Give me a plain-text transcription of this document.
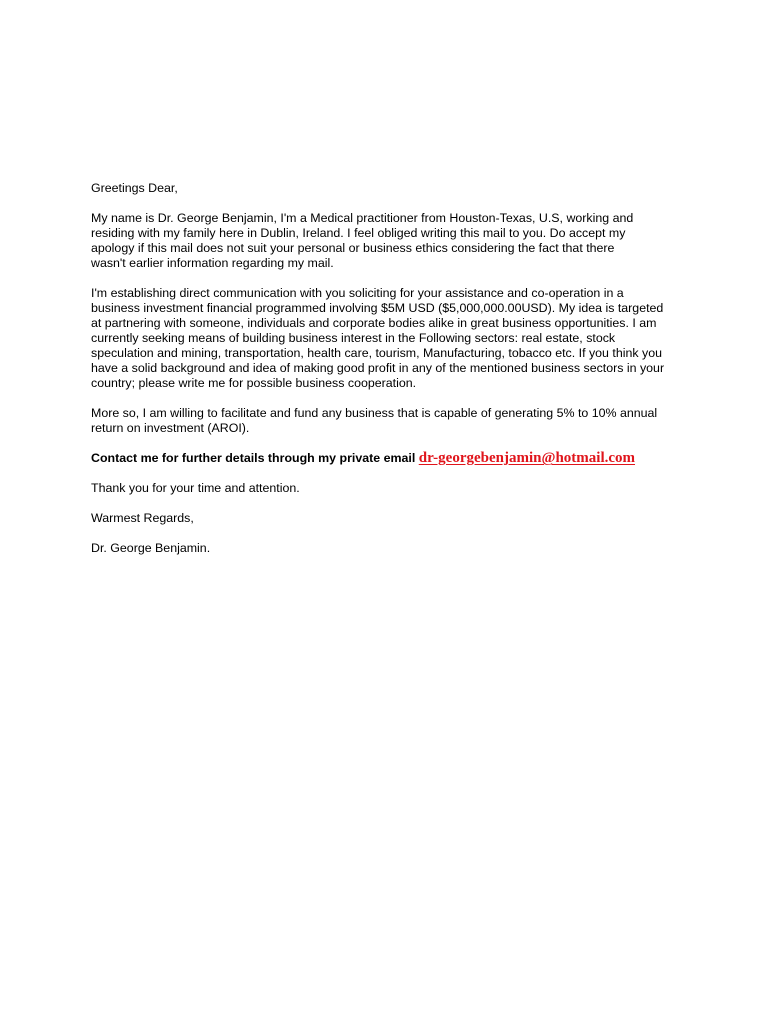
Greetings Dear,

My name is Dr. George Benjamin, I'm a Medical practitioner from Houston-Texas, U.S, working and
residing with my family here in Dublin, Ireland. I feel obliged writing this mail to you. Do accept my
apology if this mail does not suit your personal or business ethics considering the fact that there
wasn't earlier information regarding my mail.

I'm establishing direct communication with you soliciting for your assistance and co-operation in a
business investment financial programmed involving $5M USD ($5,000,000.00USD). My idea is targeted
at partnering with someone, individuals and corporate bodies alike in great business opportunities. I am
currently seeking means of building business interest in the Following sectors: real estate, stock
speculation and mining, transportation, health care, tourism, Manufacturing, tobacco etc. If you think you
have a solid background and idea of making good profit in any of the mentioned business sectors in your
country; please write me for possible business cooperation.

More so, I am willing to facilitate and fund any business that is capable of generating 5% to 10% annual
return on investment (AROI).

Contact me for further details through my private email dr-georgebenjamin@hotmail.com

Thank you for your time and attention.

Warmest Regards,

Dr. George Benjamin.
